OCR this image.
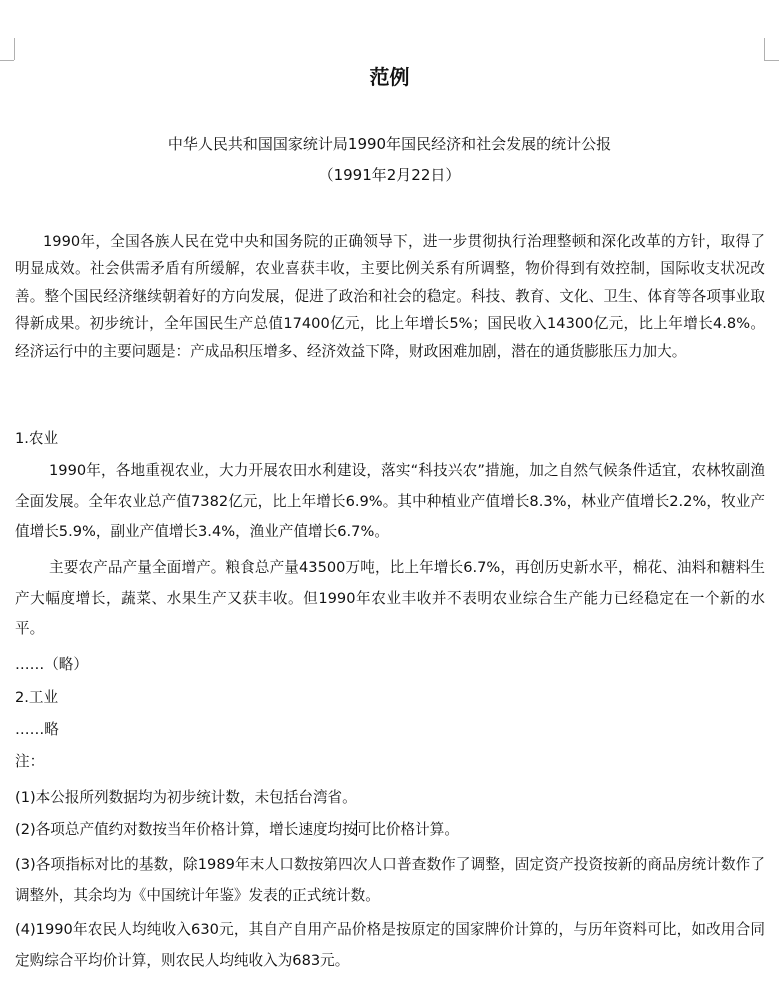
范例
中华人民共和国国家统计局1990年国民经济和社会发展的统计公报
（1991年2月22日）

1990年，全国各族人民在党中央和国务院的正确领导下，进一步贯彻执行治理整顿和深化改革的方针，取得了明显成效。社会供需矛盾有所缓解，农业喜获丰收，主要比例关系有所调整，物价得到有效控制，国际收支状况改善。整个国民经济继续朝着好的方向发展，促进了政治和社会的稳定。科技、教育、文化、卫生、体育等各项事业取得新成果。初步统计，全年国民生产总值17400亿元，比上年增长5%；国民收入14300亿元，比上年增长4.8%。经济运行中的主要问题是：产成品积压增多、经济效益下降，财政困难加剧，潜在的通货膨胀压力加大。

1.农业

1990年，各地重视农业，大力开展农田水利建设，落实“科技兴农”措施，加之自然气候条件适宜，农林牧副渔全面发展。全年农业总产值7382亿元，比上年增长6.9%。其中种植业产值增长8.3%，林业产值增长2.2%，牧业产值增长5.9%，副业产值增长3.4%，渔业产值增长6.7%。

主要农产品产量全面增产。粮食总产量43500万吨，比上年增长6.7%，再创历史新水平，棉花、油料和糖料生产大幅度增长，蔬菜、水果生产又获丰收。但1990年农业丰收并不表明农业综合生产能力已经稳定在一个新的水平。

……（略）

2.工业

……略

注：

(1)本公报所列数据均为初步统计数，未包括台湾省。

(2)各项总产值约对数按当年价格计算，增长速度均按可比价格计算。

(3)各项指标对比的基数，除1989年末人口数按第四次人口普查数作了调整，固定资产投资按新的商品房统计数作了调整外，其余均为《中国统计年鉴》发表的正式统计数。

(4)1990年农民人均纯收入630元，其自产自用产品价格是按原定的国家牌价计算的，与历年资料可比，如改用合同定购综合平均价计算，则农民人均纯收入为683元。
